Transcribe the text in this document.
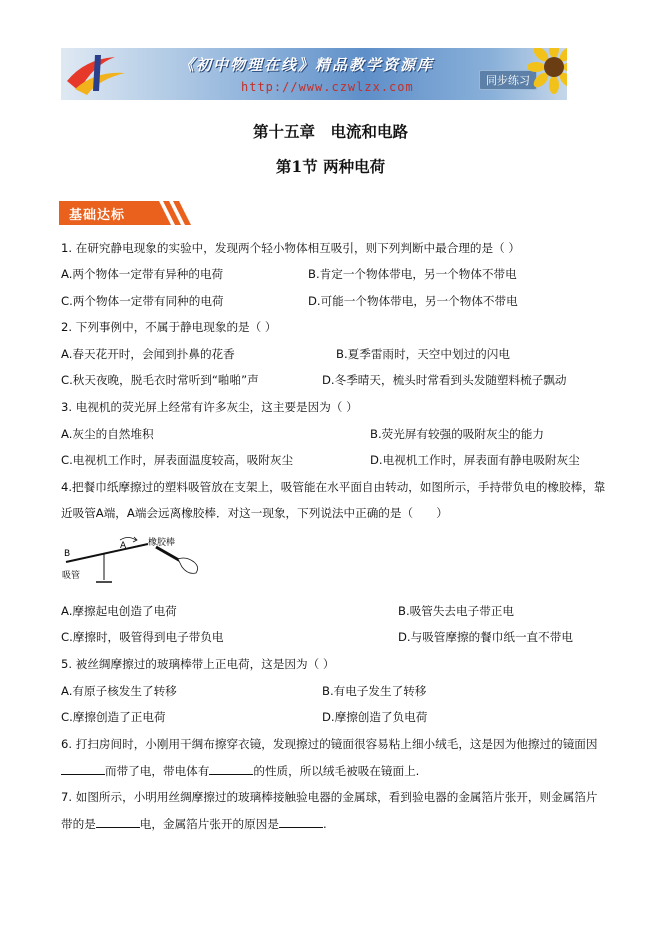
《初中物理在线》精品教学资源库
http://www.czwlzx.com	同步练习
第十五章　电流和电路
第1节 两种电荷
基础达标
1. 在研究静电现象的实验中，发现两个轻小物体相互吸引，则下列判断中最合理的是（ ）
A.两个物体一定带有异种的电荷	B.肯定一个物体带电，另一个物体不带电
C.两个物体一定带有同种的电荷	D.可能一个物体带电，另一个物体不带电
2. 下列事例中，不属于静电现象的是（ ）
A.春天花开时，会闻到扑鼻的花香	B.夏季雷雨时，天空中划过的闪电
C.秋天夜晚，脱毛衣时常听到“啪啪”声	D.冬季晴天，梳头时常看到头发随塑料梳子飘动
3. 电视机的荧光屏上经常有许多灰尘，这主要是因为（ ）
A.灰尘的自然堆积	B.荧光屏有较强的吸附灰尘的能力
C.电视机工作时，屏表面温度较高，吸附灰尘	D.电视机工作时，屏表面有静电吸附灰尘
4.把餐巾纸摩擦过的塑料吸管放在支架上，吸管能在水平面自由转动，如图所示，手持带负电的橡胶棒，靠
近吸管A端，A端会远离橡胶棒．对这一现象，下列说法中正确的是（　　）
B
A
吸管
橡胶棒
A.摩擦起电创造了电荷	B.吸管失去电子带正电
C.摩擦时，吸管得到电子带负电	D.与吸管摩擦的餐巾纸一直不带电
5. 被丝绸摩擦过的玻璃棒带上正电荷，这是因为（ ）
A.有原子核发生了转移	B.有电子发生了转移
C.摩擦创造了正电荷	D.摩擦创造了负电荷
6. 打扫房间时，小刚用干绸布擦穿衣镜，发现擦过的镜面很容易粘上细小绒毛，这是因为他擦过的镜面因
而带了电，带电体有	的性质，所以绒毛被吸在镜面上.
7. 如图所示，小明用丝绸摩擦过的玻璃棒接触验电器的金属球，看到验电器的金属箔片张开，则金属箔片
带的是	电，金属箔片张开的原因是	.
